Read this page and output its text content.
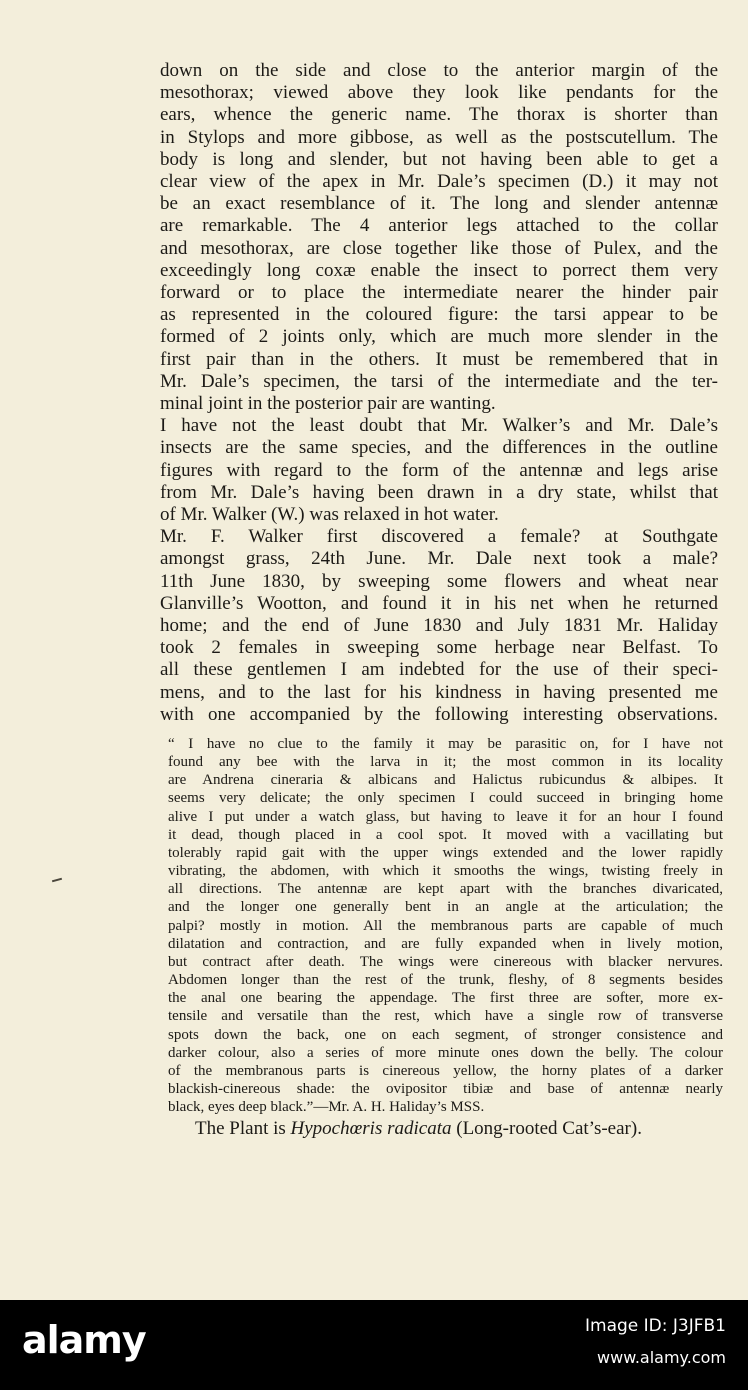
down on the side and close to the anterior margin of the

mesothorax; viewed above they look like pendants for the

ears, whence the generic name. The thorax is shorter than

in Stylops and more gibbose, as well as the postscutellum. The

body is long and slender, but not having been able to get a

clear view of the apex in Mr. Dale’s specimen (D.) it may not

be an exact resemblance of it. The long and slender antennæ

are remarkable. The 4 anterior legs attached to the collar

and mesothorax, are close together like those of Pulex, and the

exceedingly long coxæ enable the insect to porrect them very

forward or to place the intermediate nearer the hinder pair

as represented in the coloured figure: the tarsi appear to be

formed of 2 joints only, which are much more slender in the

first pair than in the others. It must be remembered that in

Mr. Dale’s specimen, the tarsi of the intermediate and the ter-

minal joint in the posterior pair are wanting.

I have not the least doubt that Mr. Walker’s and Mr. Dale’s

insects are the same species, and the differences in the outline

figures with regard to the form of the antennæ and legs arise

from Mr. Dale’s having been drawn in a dry state, whilst that

of Mr. Walker (W.) was relaxed in hot water.

Mr. F. Walker first discovered a female? at Southgate

amongst grass, 24th June. Mr. Dale next took a male?

11th June 1830, by sweeping some flowers and wheat near

Glanville’s Wootton, and found it in his net when he returned

home; and the end of June 1830 and July 1831 Mr. Haliday

took 2 females in sweeping some herbage near Belfast. To

all these gentlemen I am indebted for the use of their speci-

mens, and to the last for his kindness in having presented me

with one accompanied by the following interesting observations.

“ I have no clue to the family it may be parasitic on, for I have not

found any bee with the larva in it; the most common in its locality

are Andrena cineraria & albicans and Halictus rubicundus & albipes. It

seems very delicate; the only specimen I could succeed in bringing home

alive I put under a watch glass, but having to leave it for an hour I found

it dead, though placed in a cool spot. It moved with a vacillating but

tolerably rapid gait with the upper wings extended and the lower rapidly

vibrating, the abdomen, with which it smooths the wings, twisting freely in

all directions. The antennæ are kept apart with the branches divaricated,

and the longer one generally bent in an angle at the articulation; the

palpi? mostly in motion. All the membranous parts are capable of much

dilatation and contraction, and are fully expanded when in lively motion,

but contract after death. The wings were cinereous with blacker nervures.

Abdomen longer than the rest of the trunk, fleshy, of 8 segments besides

the anal one bearing the appendage. The first three are softer, more ex-

tensile and versatile than the rest, which have a single row of transverse

spots down the back, one on each segment, of stronger consistence and

darker colour, also a series of more minute ones down the belly. The colour

of the membranous parts is cinereous yellow, the horny plates of a darker

blackish-cinereous shade: the ovipositor tibiæ and base of antennæ nearly

black, eyes deep black.”—Mr. A. H. Haliday’s MSS.

The Plant is Hypochœris radicata (Long-rooted Cat’s-ear).
alamy	Image ID: J3JFB1
www.alamy.com
